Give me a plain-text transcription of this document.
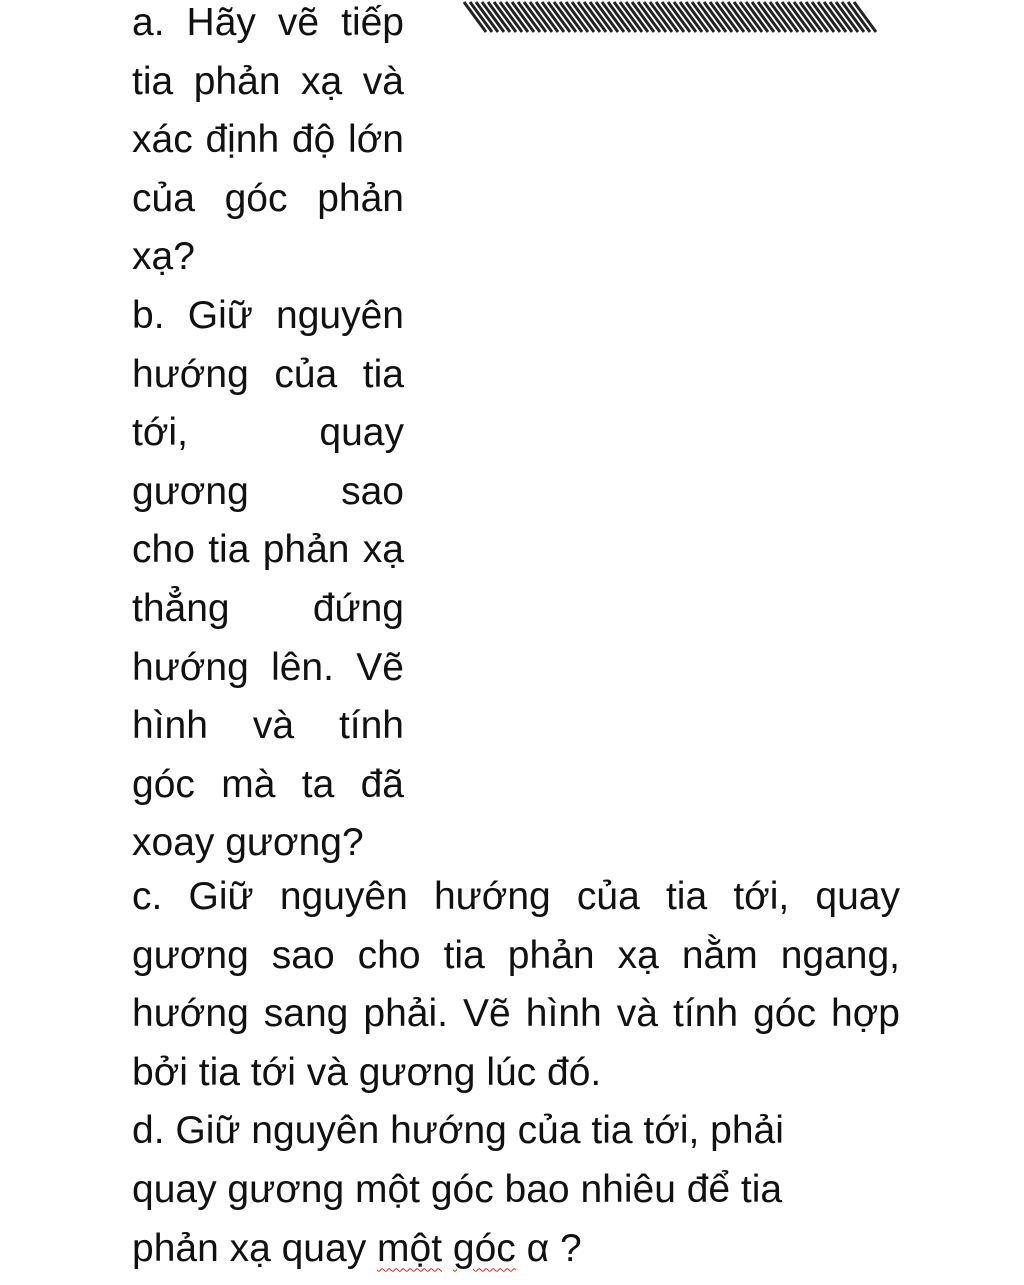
a. Hãy vẽ tiếp
tia phản xạ và
xác định độ lớn
của góc phản
xạ?
b. Giữ nguyên
hướng của tia
tới, quay
gương sao
cho tia phản xạ
thẳng đứng
hướng lên. Vẽ
hình và tính
góc mà ta đã
xoay gương?
c. Giữ nguyên hướng của tia tới, quay
gương sao cho tia phản xạ nằm ngang,
hướng sang phải. Vẽ hình và tính góc hợp
bởi tia tới và gương lúc đó.
d. Giữ nguyên hướng của tia tới, phải
quay gương một góc bao nhiêu để tia
phản xạ quay một góc α ?
